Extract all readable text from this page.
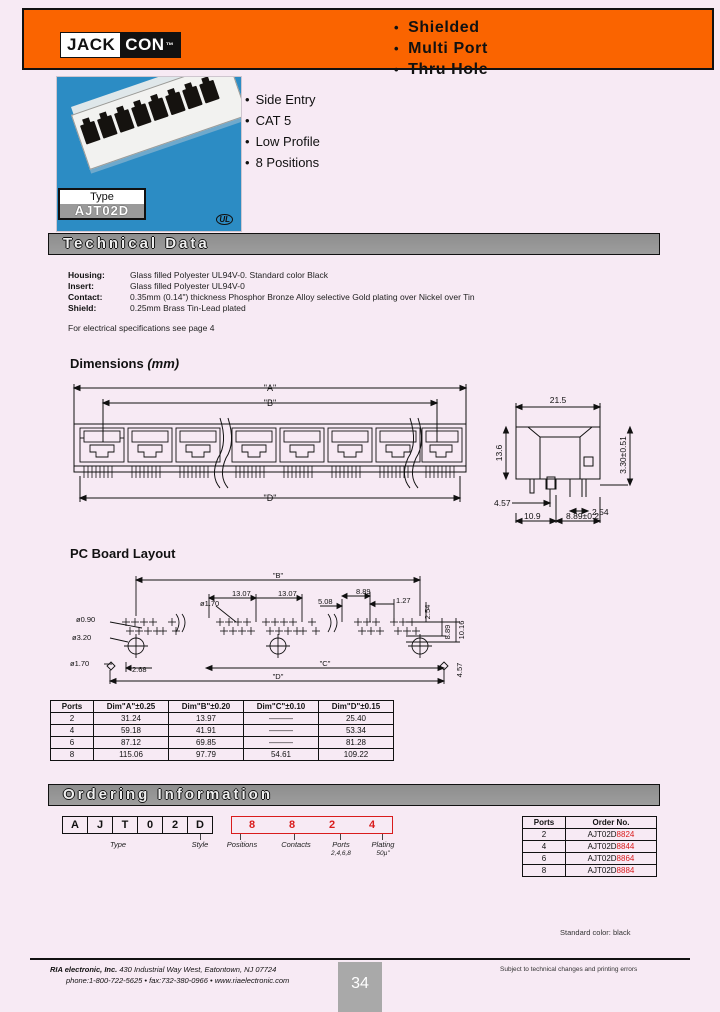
• Shielded
• Multi Port
• Thru Hole
JACK CON ™
UL
Type
AJT02D
• Side Entry
• CAT 5
• Low Profile
• 8 Positions
Technical Data
Housing:	Glass filled Polyester UL94V-0. Standard color Black
Insert:	Glass filled Polyester UL94V-0
Contact:	0.35mm (0.14") thickness Phosphor Bronze Alloy selective Gold plating over Nickel over Tin
Shield:	0.25mm Brass Tin-Lead plated
For electrical specifications see page 4
Dimensions (mm)
"A"
"B"
"D"
21.5
13.6	3.30±0.51
4.57
2.54
10.9	8.89±0.2
PC Board Layout
"B"
"C"
"D"
ø0.90
ø3.20
ø1.70
ø1.70
13.07	13.07
5.08
8.89
1.27
2.54
10.16
8.89
2.68	4.57
Ports	Dim"A"±0.25	Dim"B"±0.20	Dim"C"±0.10	Dim"D"±0.15
2	31.24	13.97	———	25.40
4	59.18	41.91	———	53.34
6	87.12	69.85	———	81.28
8	115.06	97.79	54.61	109.22
Ordering Information
A	J	T	0	2	D	8	8	2	4
Type	Style	Positions	Contacts	Ports
2,4,6,8
Plating
50µ"
Ports	Order No.
2	AJT02D8824
4	AJT02D8844
6	AJT02D8864
8	AJT02D8884
Standard color: black
RIA electronic, Inc. 430 Industrial Way West, Eatontown, NJ 07724
phone:1-800-722-5625 • fax:732-380-0966 • www.riaelectronic.com	34
Subject to technical changes and printing errors
